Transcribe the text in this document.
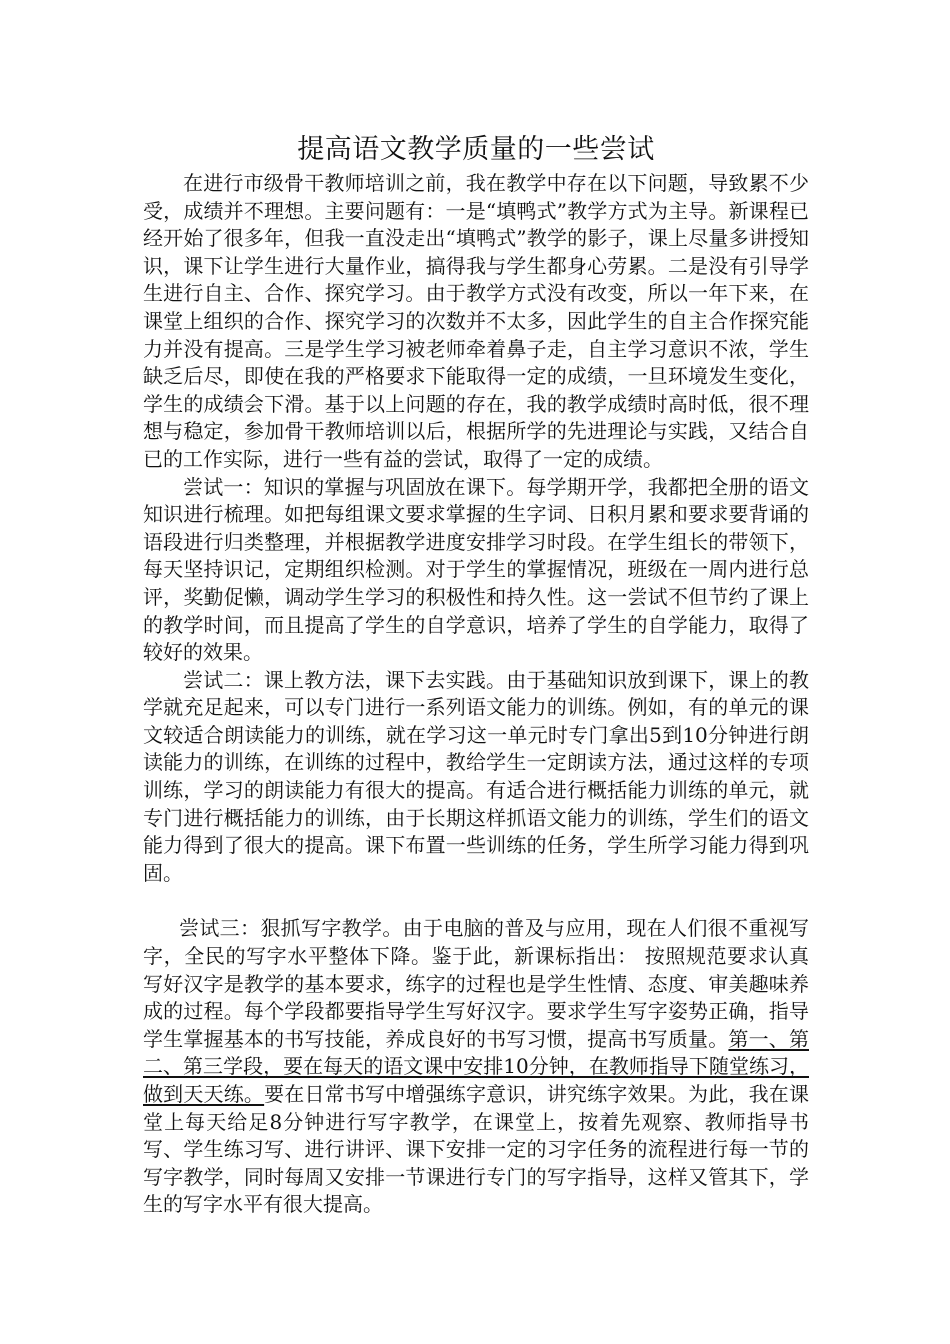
提高语文教学质量的一些尝试

在进行市级骨干教师培训之前，我在教学中存在以下问题，导致累不少受，成绩并不理想。主要问题有：一是“填鸭式”教学方式为主导。新课程已经开始了很多年，但我一直没走出“填鸭式”教学的影子，课上尽量多讲授知识，课下让学生进行大量作业，搞得我与学生都身心劳累。二是没有引导学生进行自主、合作、探究学习。由于教学方式没有改变，所以一年下来，在课堂上组织的合作、探究学习的次数并不太多，因此学生的自主合作探究能力并没有提高。三是学生学习被老师牵着鼻子走，自主学习意识不浓，学生缺乏后尽，即使在我的严格要求下能取得一定的成绩，一旦环境发生变化，学生的成绩会下滑。基于以上问题的存在，我的教学成绩时高时低，很不理想与稳定，参加骨干教师培训以后，根据所学的先进理论与实践，又结合自已的工作实际，进行一些有益的尝试，取得了一定的成绩。

尝试一：知识的掌握与巩固放在课下。每学期开学，我都把全册的语文知识进行梳理。如把每组课文要求掌握的生字词、日积月累和要求要背诵的语段进行归类整理，并根据教学进度安排学习时段。在学生组长的带领下，每天坚持识记，定期组织检测。对于学生的掌握情况，班级在一周内进行总评，奖勤促懒，调动学生学习的积极性和持久性。这一尝试不但节约了课上的教学时间，而且提高了学生的自学意识，培养了学生的自学能力，取得了较好的效果。

尝试二：课上教方法，课下去实践。由于基础知识放到课下，课上的教学就充足起来，可以专门进行一系列语文能力的训练。例如，有的单元的课文较适合朗读能力的训练，就在学习这一单元时专门拿出5到10分钟进行朗读能力的训练，在训练的过程中，教给学生一定朗读方法，通过这样的专项训练，学习的朗读能力有很大的提高。有适合进行概括能力训练的单元，就专门进行概括能力的训练，由于长期这样抓语文能力的训练，学生们的语文能力得到了很大的提高。课下布置一些训练的任务，学生所学习能力得到巩固。

尝试三：狠抓写字教学。由于电脑的普及与应用，现在人们很不重视写字，全民的写字水平整体下降。鉴于此，新课标指出： 按照规范要求认真写好汉字是教学的基本要求，练字的过程也是学生性情、态度、审美趣味养成的过程。每个学段都要指导学生写好汉字。要求学生写字姿势正确，指导学生掌握基本的书写技能，养成良好的书写习惯，提高书写质量。第一、第二、第三学段，要在每天的语文课中安排10分钟，在教师指导下随堂练习，做到天天练。要在日常书写中增强练字意识，讲究练字效果。为此，我在课堂上每天给足8分钟进行写字教学，在课堂上，按着先观察、教师指导书写、学生练习写、进行讲评、课下安排一定的习字任务的流程进行每一节的写字教学，同时每周又安排一节课进行专门的写字指导，这样又管其下，学生的写字水平有很大提高。
